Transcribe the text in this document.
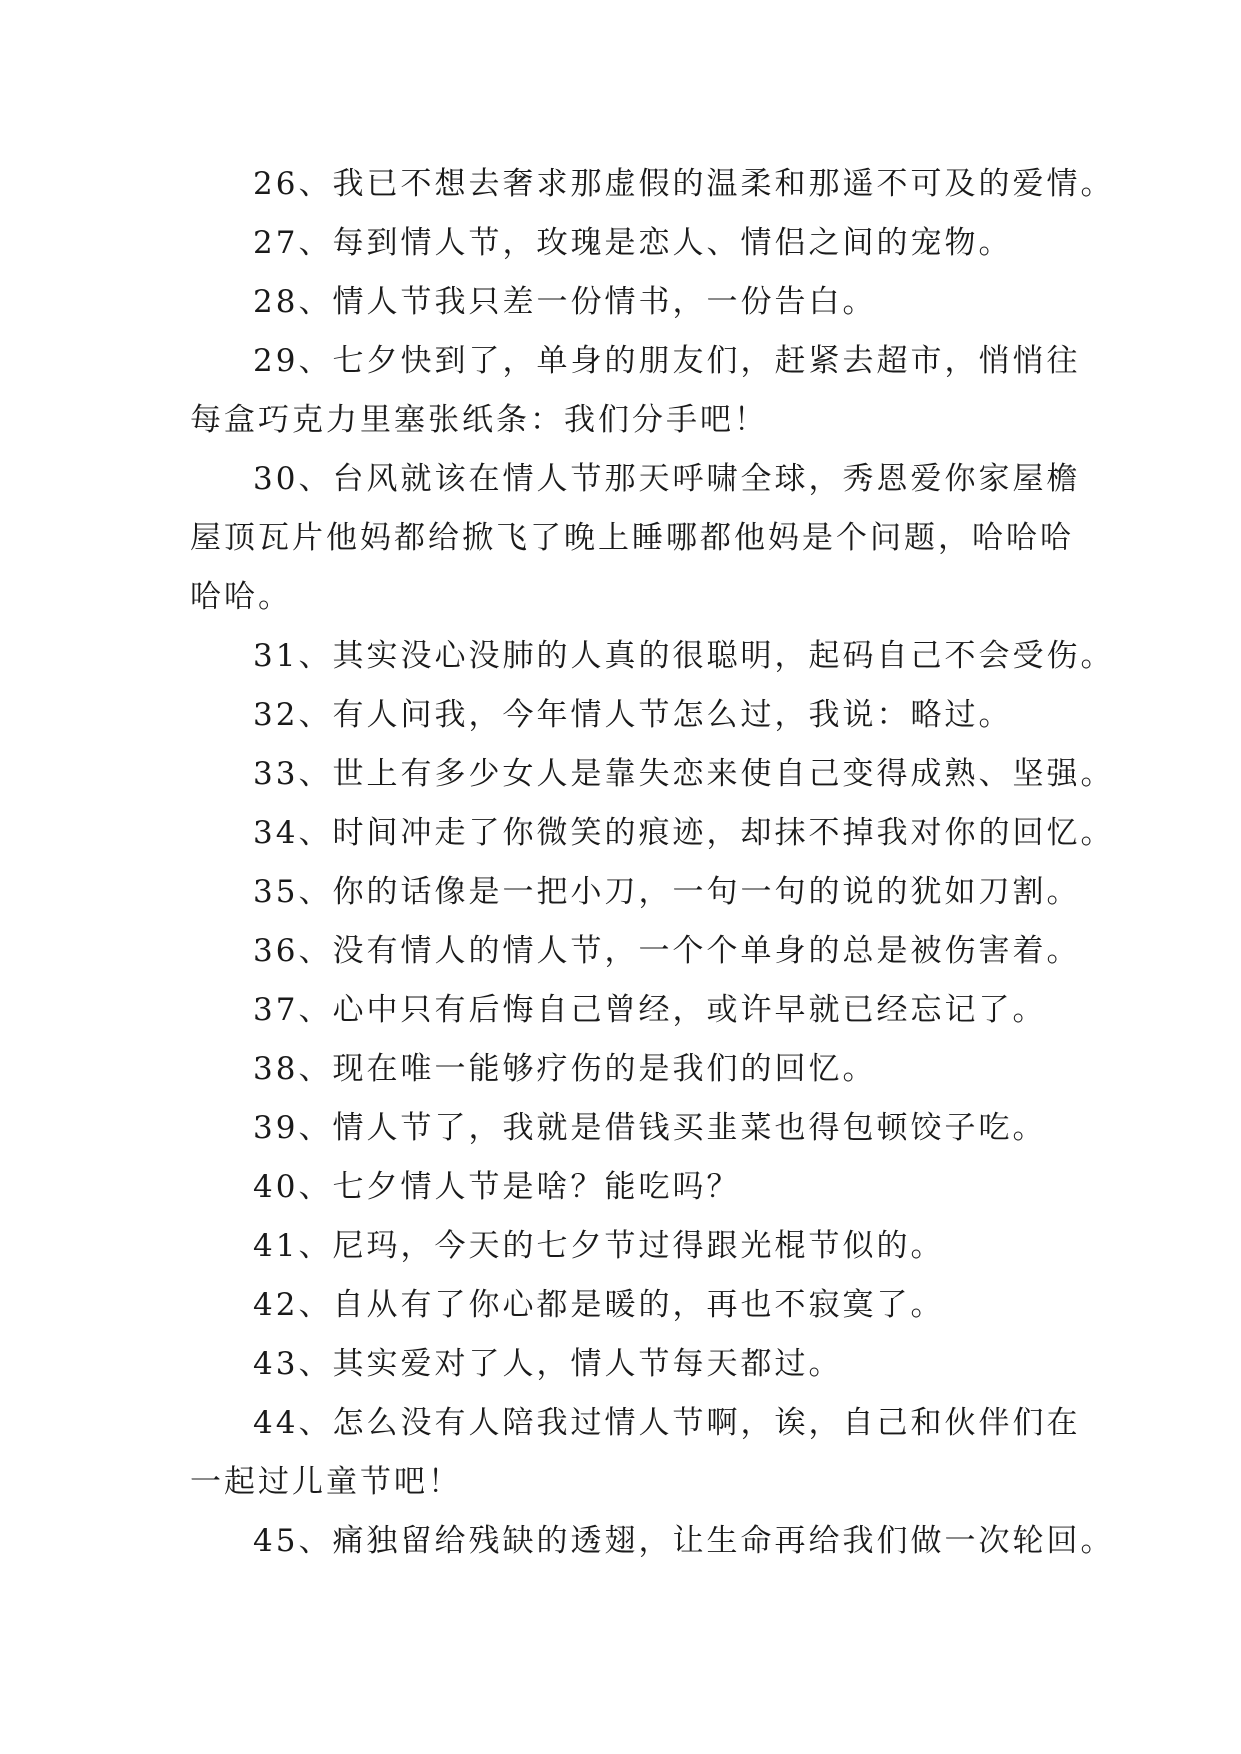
26、我已不想去奢求那虚假的温柔和那遥不可及的爱情。
27、每到情人节，玫瑰是恋人、情侣之间的宠物。
28、情人节我只差一份情书，一份告白。
29、七夕快到了，单身的朋友们，赶紧去超市，悄悄往
每盒巧克力里塞张纸条：我们分手吧！
30、台风就该在情人节那天呼啸全球，秀恩爱你家屋檐
屋顶瓦片他妈都给掀飞了晚上睡哪都他妈是个问题，哈哈哈
哈哈。
31、其实没心没肺的人真的很聪明，起码自己不会受伤。
32、有人问我，今年情人节怎么过，我说：略过。
33、世上有多少女人是靠失恋来使自己变得成熟、坚强。
34、时间冲走了你微笑的痕迹，却抹不掉我对你的回忆。
35、你的话像是一把小刀，一句一句的说的犹如刀割。
36、没有情人的情人节，一个个单身的总是被伤害着。
37、心中只有后悔自己曾经，或许早就已经忘记了。
38、现在唯一能够疗伤的是我们的回忆。
39、情人节了，我就是借钱买韭菜也得包顿饺子吃。
40、七夕情人节是啥？能吃吗？
41、尼玛，今天的七夕节过得跟光棍节似的。
42、自从有了你心都是暖的，再也不寂寞了。
43、其实爱对了人，情人节每天都过。
44、怎么没有人陪我过情人节啊，诶，自己和伙伴们在
一起过儿童节吧！
45、痛独留给残缺的透翅，让生命再给我们做一次轮回。
